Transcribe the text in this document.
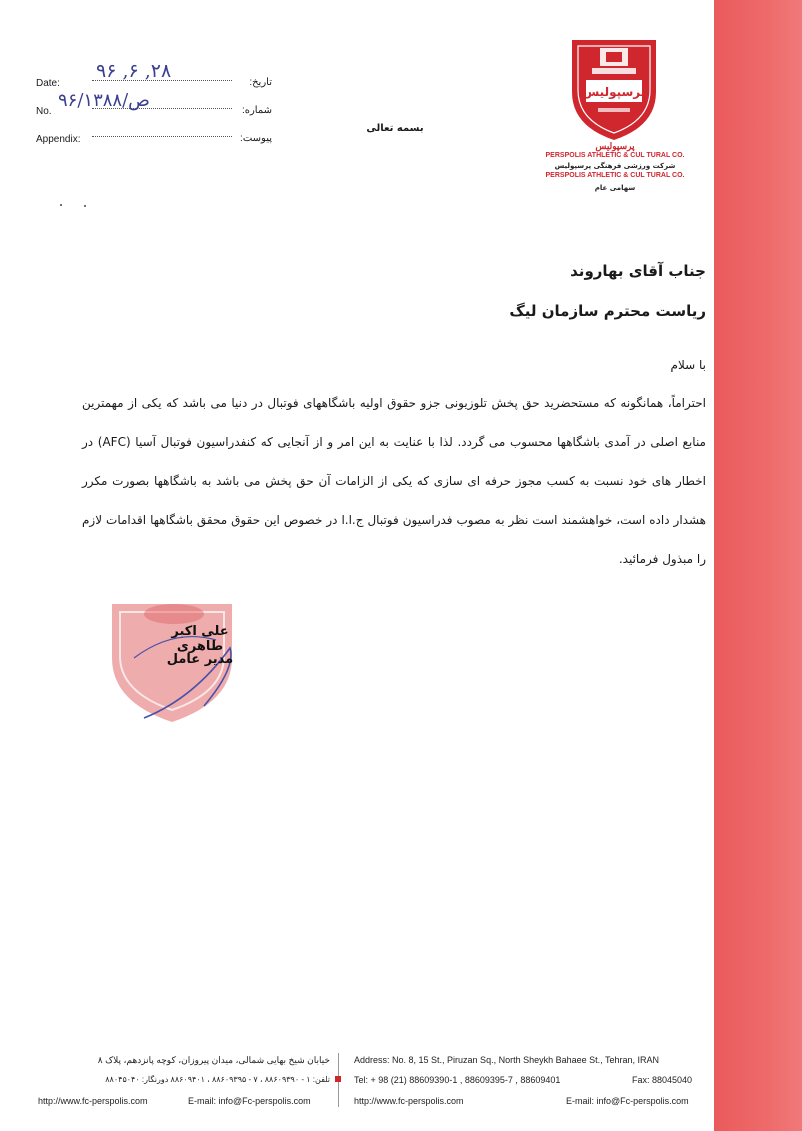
Date:	تاریخ:
۹۶ ,۶ ,۲۸
No.	شماره:
۹۶/ص/۱۳۸۸
Appendix:	پیوست:
بسمه تعالی
پرسپولیس
پرسپولیس
PERSPOLIS ATHLETIC & CUL TURAL CO.
شرکت ورزشی فرهنگی پرسپولیس
PERSPOLIS ATHLETIC & CUL TURAL CO.
سهامی عام
جناب آقای بهاروند
ریاست محترم سازمان لیگ
با سلام
احتراماً، همانگونه که مستحضرید حق پخش تلوزیونی جزو حقوق اولیه باشگاههای فوتبال در دنیا می باشد که یکی از مهمترین منابع اصلی در آمدی باشگاهها محسوب می گردد. لذا با عنایت به این امر و از آنجایی که کنفدراسیون فوتبال آسیا (AFC) در اخطار های خود نسبت به کسب مجوز حرفه ای سازی که یکی از الزامات آن حق پخش می باشد به باشگاهها بصورت مکرر هشدار داده است، خواهشمند است نظر به مصوب فدراسیون فوتبال ج.ا.ا در خصوص این حقوق محقق باشگاهها اقدامات لازم را مبذول فرمائید.
علی اکبر طاهری
مدیر عامل
خیابان شیخ بهایی شمالی، میدان پیروزان، کوچه پانزدهم، پلاک ۸
تلفن: ۱ - ۸۸۶۰۹۳۹۰ ، ۷ - ۸۸۶۰۹۳۹۵ ، ۸۸۶۰۹۴۰۱ دورنگار: ۸۸۰۴۵۰۴۰
http://www.fc-perspolis.com	E-mail: info@Fc-perspolis.com
Address: No. 8, 15 St., Piruzan Sq., North Sheykh Bahaee St., Tehran, IRAN
Tel: + 98 (21) 88609390-1 , 88609395-7 , 88609401	Fax: 88045040
http://www.fc-perspolis.com	E-mail: info@Fc-perspolis.com
